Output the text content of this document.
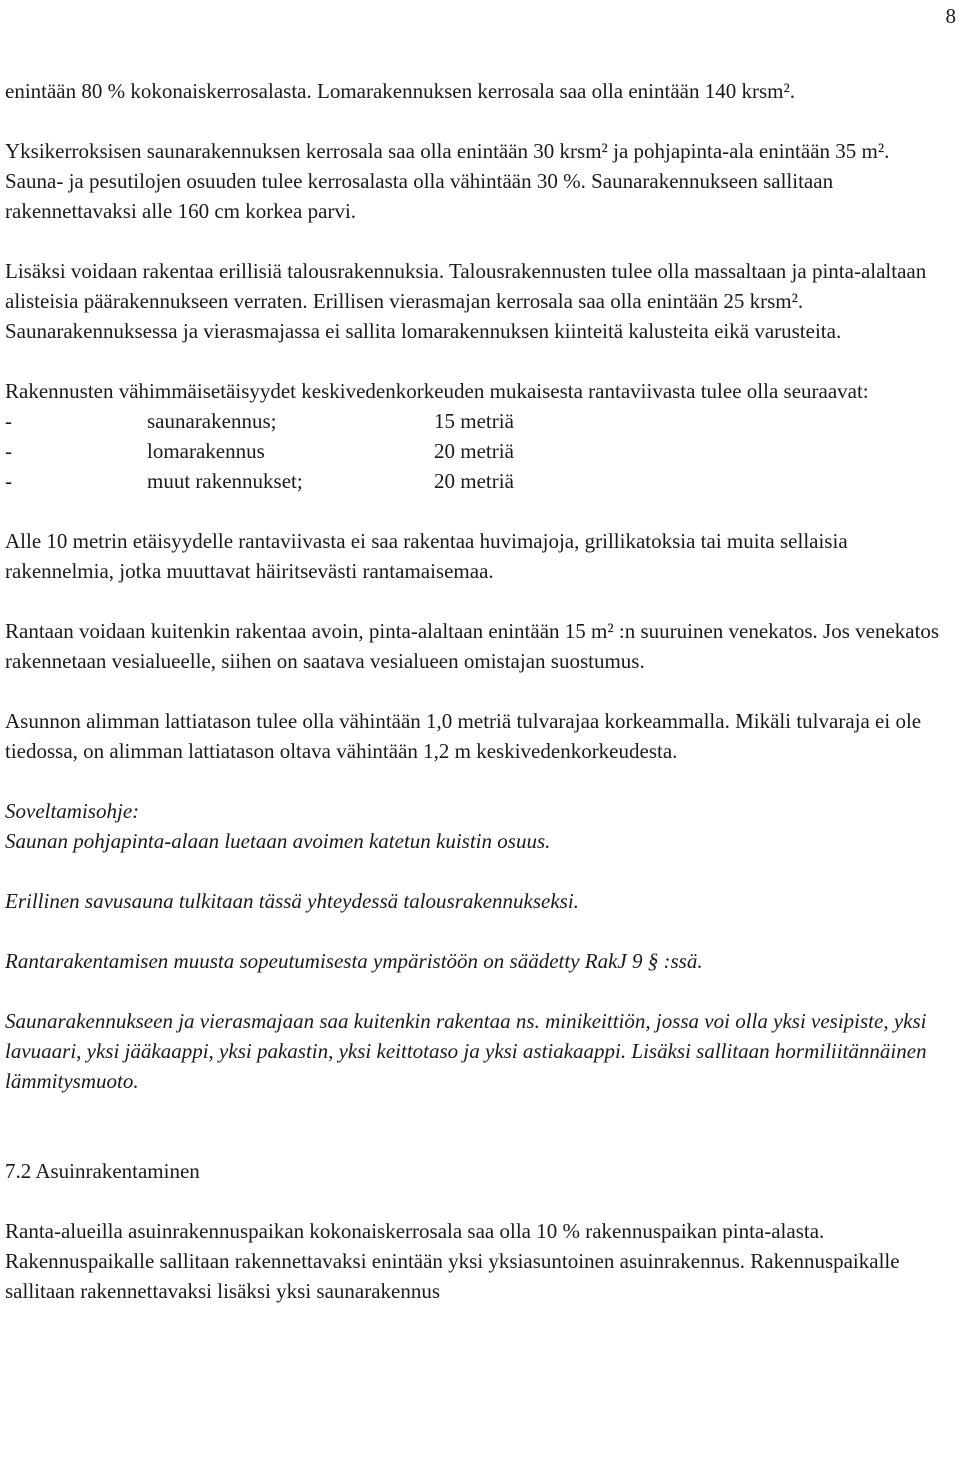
8

enintään 80 % kokonaiskerrosalasta. Lomarakennuksen kerrosala saa olla enintään 140 krsm².

Yksikerroksisen saunarakennuksen kerrosala saa olla enintään 30 krsm² ja pohjapinta-ala enintään 35 m². Sauna- ja pesutilojen osuuden tulee kerrosalasta olla vähintään 30 %. Saunarakennukseen sallitaan rakennettavaksi alle 160 cm korkea parvi.

Lisäksi voidaan rakentaa erillisiä talousrakennuksia. Talousrakennusten tulee olla massaltaan ja pinta-alaltaan alisteisia päärakennukseen verraten. Erillisen vierasmajan kerrosala saa olla enintään 25 krsm². Saunarakennuksessa ja vierasmajassa ei sallita lomarakennuksen kiinteitä kalusteita eikä varusteita.

Rakennusten vähimmäisetäisyydet keskivedenkorkeuden mukaisesta rantaviivasta tulee olla seuraavat:

-	saunarakennus;	15 metriä
-	lomarakennus	20 metriä
-	muut rakennukset;	20 metriä

Alle 10 metrin etäisyydelle rantaviivasta ei saa rakentaa huvimajoja, grillikatoksia tai muita sellaisia rakennelmia, jotka muuttavat häiritsevästi rantamaisemaa.

Rantaan voidaan kuitenkin rakentaa avoin, pinta-alaltaan enintään 15 m² :n suuruinen venekatos. Jos venekatos rakennetaan vesialueelle, siihen on saatava vesialueen omistajan suostumus.

Asunnon alimman lattiatason tulee olla vähintään 1,0 metriä tulvarajaa korkeammalla. Mikäli tulvaraja ei ole tiedossa, on alimman lattiatason oltava vähintään 1,2 m keskivedenkorkeudesta.

Soveltamisohje:

Saunan pohjapinta-alaan luetaan avoimen katetun kuistin osuus.

Erillinen savusauna tulkitaan tässä yhteydessä talousrakennukseksi.

Rantarakentamisen muusta sopeutumisesta ympäristöön on säädetty RakJ 9 § :ssä.

Saunarakennukseen ja vierasmajaan saa kuitenkin rakentaa ns. minikeittiön, jossa voi olla yksi vesipiste, yksi lavuaari, yksi jääkaappi, yksi pakastin, yksi keittotaso ja yksi astiakaappi. Lisäksi sallitaan hormiliitännäinen lämmitysmuoto.

7.2 Asuinrakentaminen

Ranta-alueilla asuinrakennuspaikan kokonaiskerrosala saa olla 10 % rakennuspaikan pinta-alasta. Rakennuspaikalle sallitaan rakennettavaksi enintään yksi yksiasuntoinen asuinrakennus. Rakennuspaikalle sallitaan rakennettavaksi lisäksi yksi saunarakennus
